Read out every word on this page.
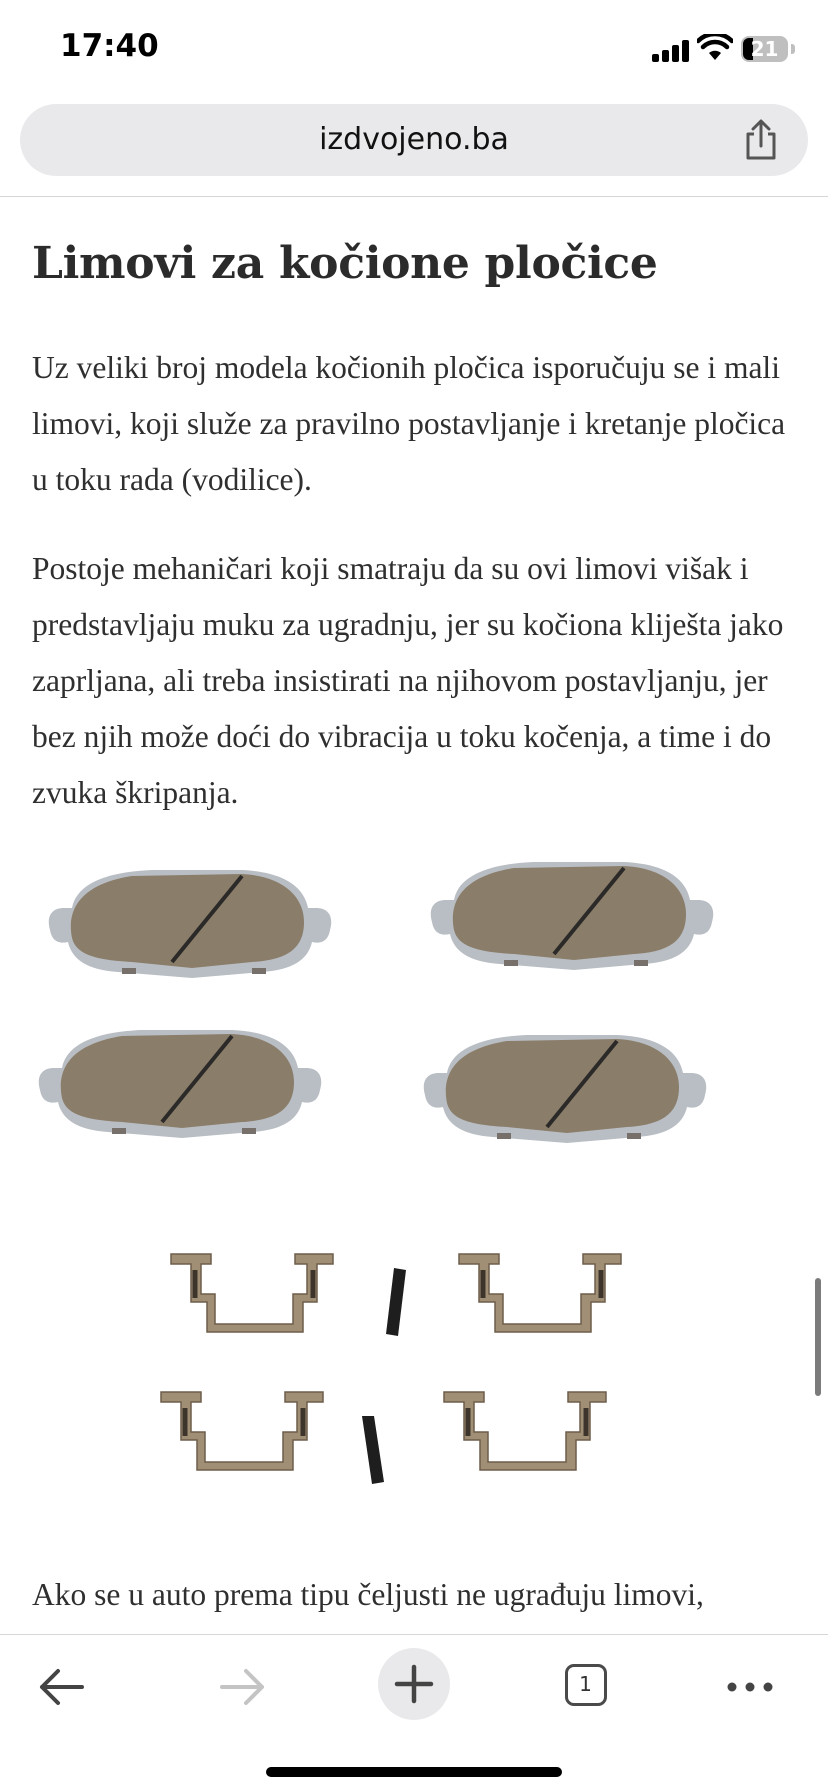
17:40	21
izdvojeno.ba
Limovi za kočione pločice

Uz veliki broj modela kočionih pločica isporučuju se i mali limovi, koji služe za pravilno postavljanje i kretanje pločica u toku rada (vodilice).

Postoje mehaničari koji smatraju da su ovi limovi višak i predstavljaju muku za ugradnju, jer su kočiona kliješta jako zaprljana, ali treba insistirati na njihovom postavljanju, jer bez njih može doći do vibracija u toku kočenja, a time i do zvuka škripanja.

Ako se u auto prema tipu čeljusti ne ugrađuju limovi,

1
